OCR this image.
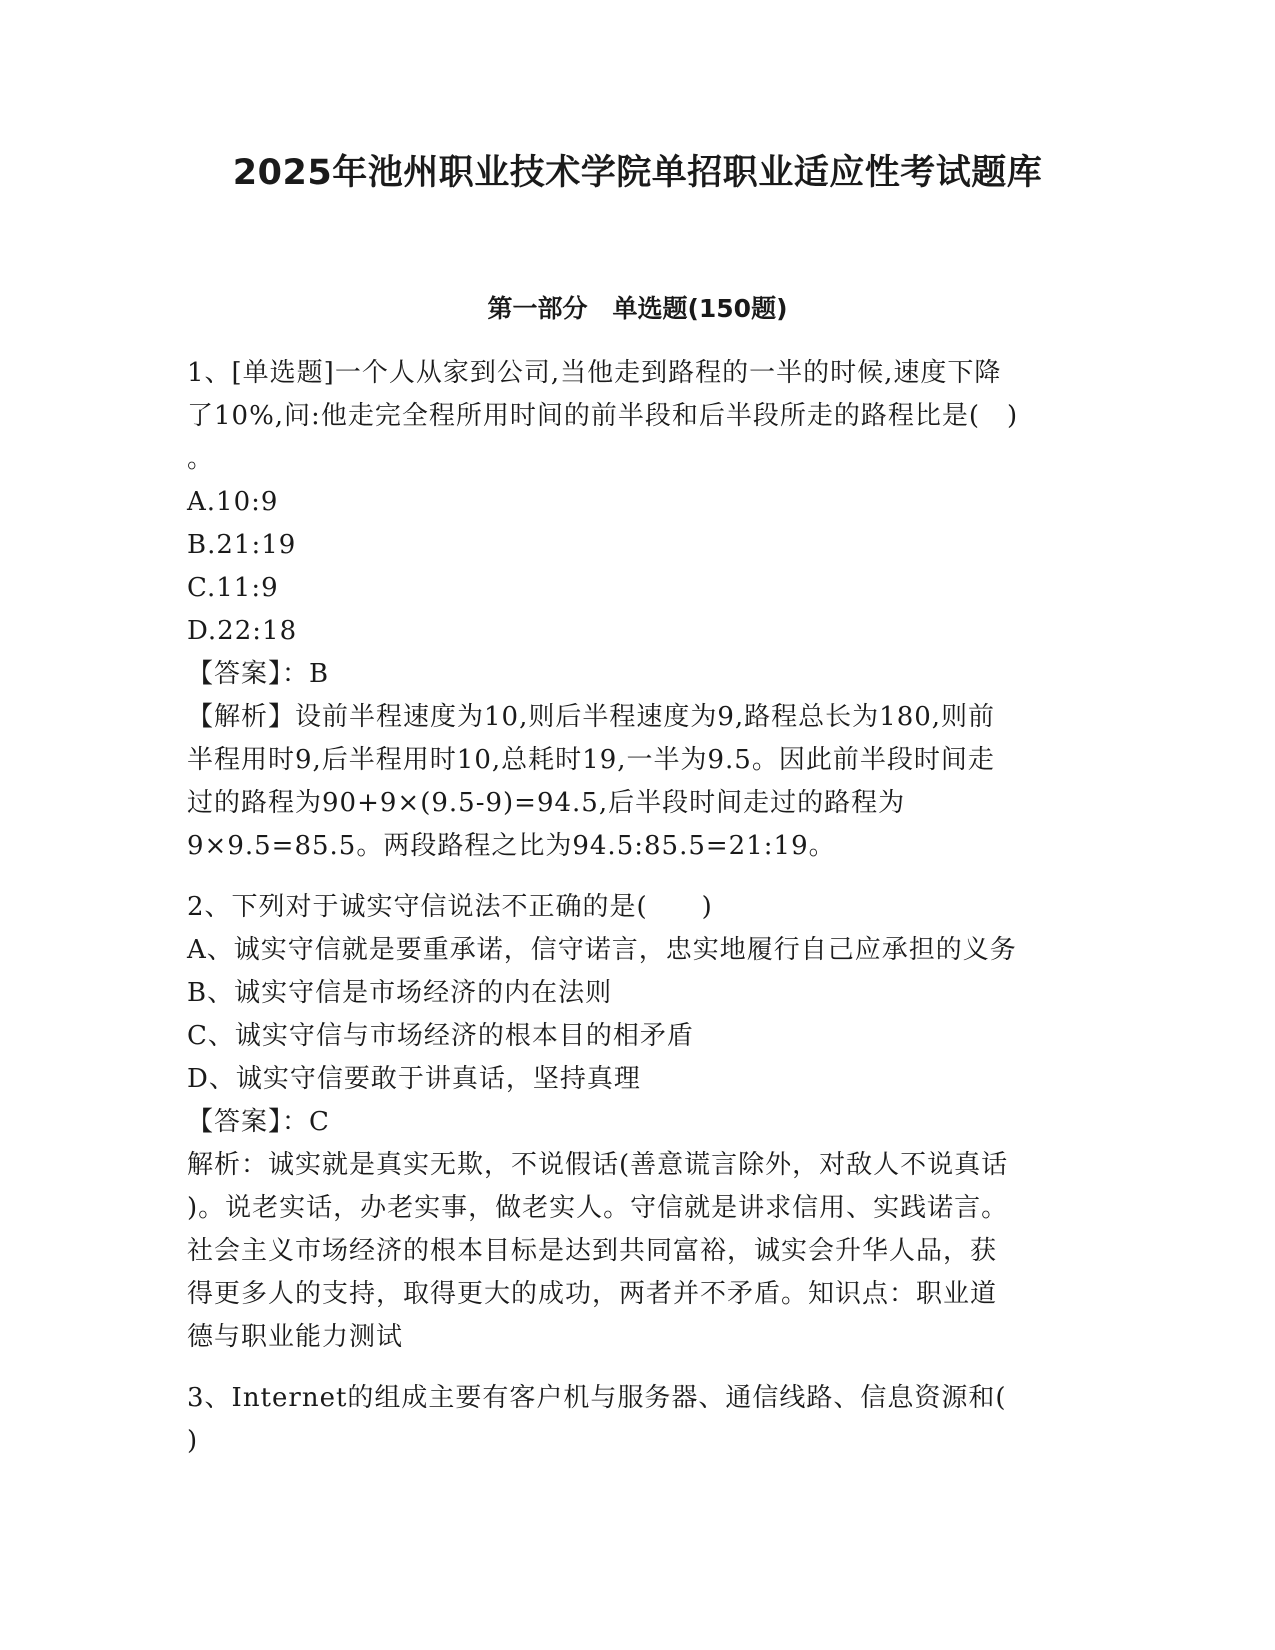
2025年池州职业技术学院单招职业适应性考试题库
第一部分　单选题(150题)
1、[单选题]一个人从家到公司,当他走到路程的一半的时候,速度下降
了10%,问:他走完全程所用时间的前半段和后半段所走的路程比是(　)
。
A.10:9
B.21:19
C.11:9
D.22:18
【答案】：B
【解析】设前半程速度为10,则后半程速度为9,路程总长为180,则前
半程用时9,后半程用时10,总耗时19,一半为9.5。因此前半段时间走
过的路程为90+9×(9.5-9)=94.5,后半段时间走过的路程为
9×9.5=85.5。两段路程之比为94.5:85.5=21:19。
2、下列对于诚实守信说法不正确的是(　　)
A、诚实守信就是要重承诺，信守诺言，忠实地履行自己应承担的义务
B、诚实守信是市场经济的内在法则
C、诚实守信与市场经济的根本目的相矛盾
D、诚实守信要敢于讲真话，坚持真理
【答案】：C
解析：诚实就是真实无欺，不说假话(善意谎言除外，对敌人不说真话
)。说老实话，办老实事，做老实人。守信就是讲求信用、实践诺言。
社会主义市场经济的根本目标是达到共同富裕，诚实会升华人品，获
得更多人的支持，取得更大的成功，两者并不矛盾。知识点：职业道
德与职业能力测试
3、Internet的组成主要有客户机与服务器、通信线路、信息资源和(
)
